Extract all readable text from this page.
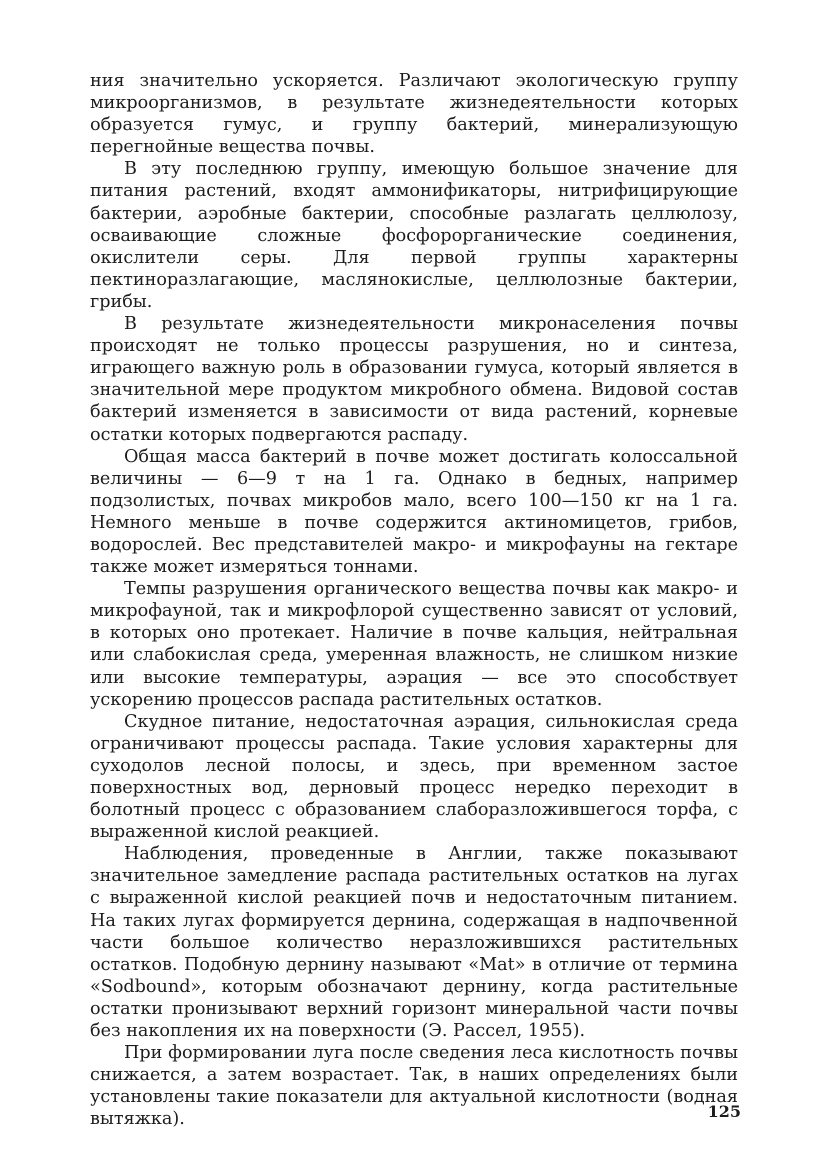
ния значительно ускоряется. Различают экологическую группу микроорганизмов, в результате жизнедеятельности которых образуется гумус, и группу бактерий, минерализующую перегнойные вещества почвы.

В эту последнюю группу, имеющую большое значение для питания растений, входят аммонификаторы, нитрифицирующие бактерии, аэробные бактерии, способные разлагать целлюлозу, осваивающие сложные фосфорорганические соединения, окислители серы. Для первой группы характерны пектиноразлагающие, маслянокислые, целлюлозные бактерии, грибы.

В результате жизнедеятельности микронаселения почвы происходят не только процессы разрушения, но и синтеза, играющего важную роль в образовании гумуса, который является в значительной мере продуктом микробного обмена. Видовой состав бактерий изменяется в зависимости от вида растений, корневые остатки которых подвергаются распаду.

Общая масса бактерий в почве может достигать колоссальной величины — 6—9 т на 1 га. Однако в бедных, например подзолистых, почвах микробов мало, всего 100—150 кг на 1 га. Немного меньше в почве содержится актиномицетов, грибов, водорослей. Вес представителей макро- и микрофауны на гектаре также может измеряться тоннами.

Темпы разрушения органического вещества почвы как макро- и микрофауной, так и микрофлорой существенно зависят от условий, в которых оно протекает. Наличие в почве кальция, нейтральная или слабокислая среда, умеренная влажность, не слишком низкие или высокие температуры, аэрация — все это способствует ускорению процессов распада растительных остатков.

Скудное питание, недостаточная аэрация, сильнокислая среда ограничивают процессы распада. Такие условия характерны для суходолов лесной полосы, и здесь, при временном застое поверхностных вод, дерновый процесс нередко переходит в болотный процесс с образованием слаборазложившегося торфа, с выраженной кислой реакцией.

Наблюдения, проведенные в Англии, также показывают значительное замедление распада растительных остатков на лугах с выраженной кислой реакцией почв и недостаточным питанием. На таких лугах формируется дернина, содержащая в надпочвенной части большое количество неразложившихся растительных остатков. Подобную дернину называют «Mat» в отличие от термина «Sodbound», которым обозначают дернину, когда растительные остатки пронизывают верхний горизонт минеральной части почвы без накопления их на поверхности (Э. Рассел, 1955).

При формировании луга после сведения леса кислотность почвы снижается, а затем возрастает. Так, в наших определениях были установлены такие показатели для актуальной кислотности (водная вытяжка).	125
